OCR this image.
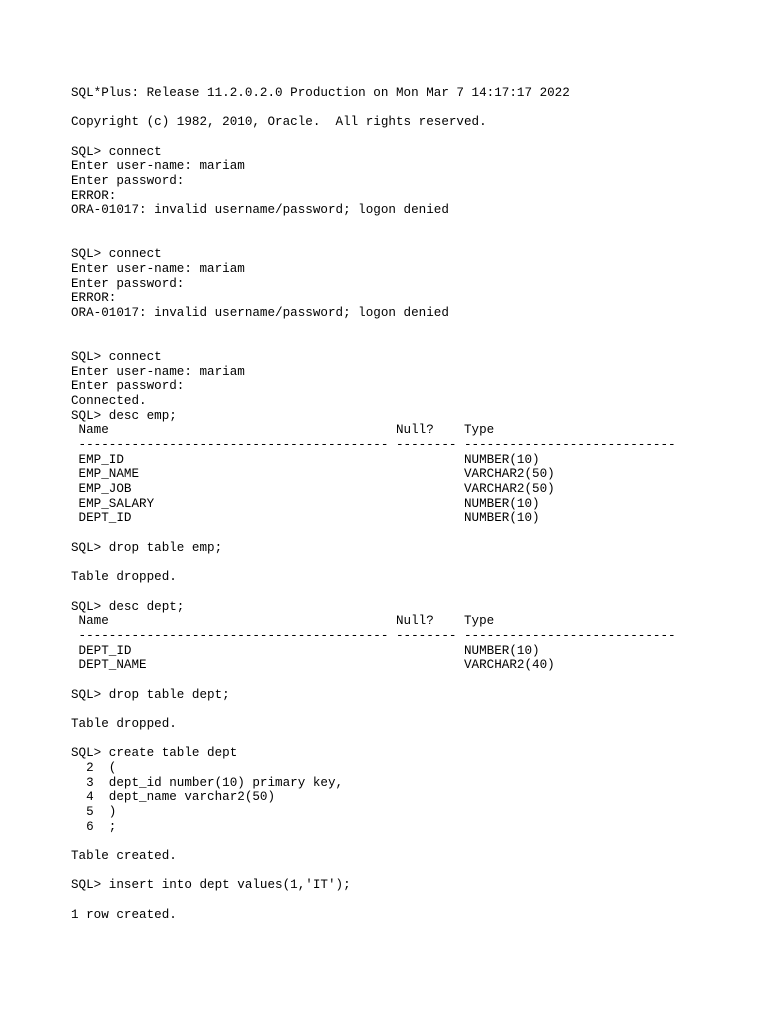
SQL*Plus: Release 11.2.0.2.0 Production on Mon Mar 7 14:17:17 2022
Copyright (c) 1982, 2010, Oracle.  All rights reserved.
SQL> connect
Enter user-name: mariam
Enter password:
ERROR:
ORA-01017: invalid username/password; logon denied
SQL> connect
Enter user-name: mariam
Enter password:
ERROR:
ORA-01017: invalid username/password; logon denied
SQL> connect
Enter user-name: mariam
Enter password:
Connected.
SQL> desc emp;
Name                                      Null?    Type
----------------------------------------- -------- ----------------------------
EMP_ID                                             NUMBER(10)
EMP_NAME                                           VARCHAR2(50)
EMP_JOB                                            VARCHAR2(50)
EMP_SALARY                                         NUMBER(10)
DEPT_ID                                            NUMBER(10)
SQL> drop table emp;
Table dropped.
SQL> desc dept;
Name                                      Null?    Type
----------------------------------------- -------- ----------------------------
DEPT_ID                                            NUMBER(10)
DEPT_NAME                                          VARCHAR2(40)
SQL> drop table dept;
Table dropped.
SQL> create table dept
2  (
3  dept_id number(10) primary key,
4  dept_name varchar2(50)
5  )
6  ;
Table created.
SQL> insert into dept values(1,'IT');
1 row created.
